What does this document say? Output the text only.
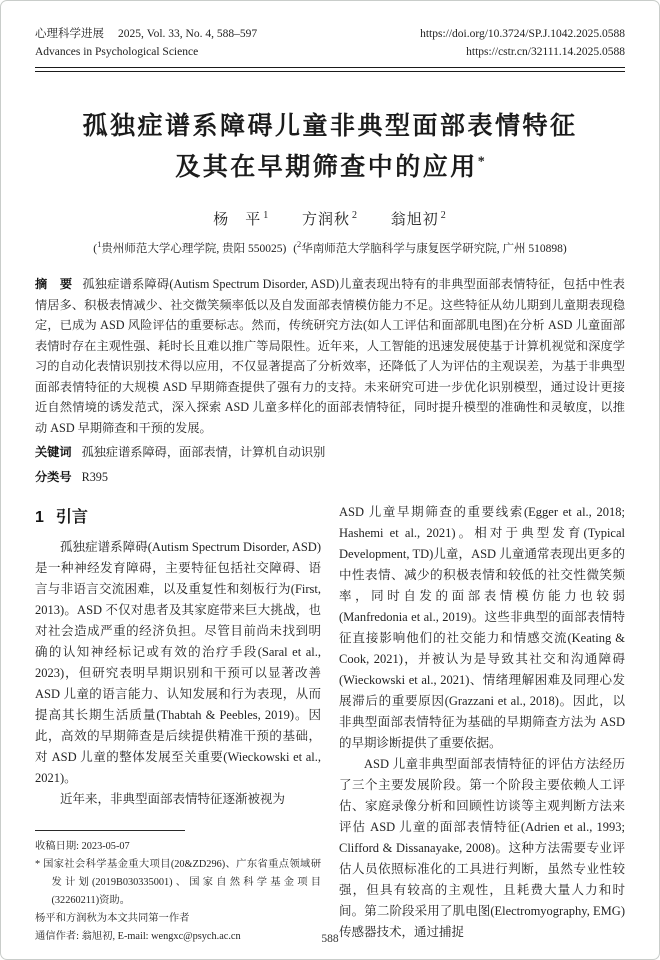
心理科学进展 2025, Vol. 33, No. 4, 588–597
Advances in Psychological Science
https://doi.org/10.3724/SP.J.1042.2025.0588
https://cstr.cn/32111.14.2025.0588
孤独症谱系障碍儿童非典型面部表情特征
及其在早期筛查中的应用*
杨　平 $^1$ 方润秋 $^2$ 翁旭初 $^2$
($^1$贵州师范大学心理学院, 贵阳 550025) ($^2$华南师范大学脑科学与康复医学研究院, 广州 510898)

摘　要 孤独症谱系障碍(Autism Spectrum Disorder, ASD)儿童表现出特有的非典型面部表情特征，包括中性表情居多、积极表情减少、社交微笑频率低以及自发面部表情模仿能力不足。这些特征从幼儿期到儿童期表现稳定，已成为 ASD 风险评估的重要标志。然而，传统研究方法(如人工评估和面部肌电图)在分析 ASD 儿童面部表情时存在主观性强、耗时长且难以推广等局限性。近年来，人工智能的迅速发展使基于计算机视觉和深度学习的自动化表情识别技术得以应用，不仅显著提高了分析效率，还降低了人为评估的主观误差，为基于非典型面部表情特征的大规模 ASD 早期筛查提供了强有力的支持。未来研究可进一步优化识别模型，通过设计更接近自然情境的诱发范式，深入探索 ASD 儿童多样化的面部表情特征，同时提升模型的准确性和灵敏度，以推动 ASD 早期筛查和干预的发展。

关键词 孤独症谱系障碍，面部表情，计算机自动识别

分类号 R395

1 引言

孤独症谱系障碍(Autism Spectrum Disorder, ASD)是一种神经发育障碍，主要特征包括社交障碍、语言与非语言交流困难，以及重复性和刻板行为(First, 2013)。ASD 不仅对患者及其家庭带来巨大挑战，也对社会造成严重的经济负担。尽管目前尚未找到明确的认知神经标记或有效的治疗手段(Saral et al., 2023)，但研究表明早期识别和干预可以显著改善 ASD 儿童的语言能力、认知发展和行为表现，从而提高其长期生活质量(Thabtah & Peebles, 2019)。因此，高效的早期筛查是后续提供精准干预的基础，对 ASD 儿童的整体发展至关重要(Wieckowski et al., 2021)。

近年来，非典型面部表情特征逐渐被视为

收稿日期: 2023-05-07
* 国家社会科学基金重大项目(20&ZD296)、广东省重点领域研发计划(2019B030335001)、国家自然科学基金项目(32260211)资助。
杨平和方润秋为本文共同第一作者
通信作者: 翁旭初, E-mail: wengxc@psych.ac.cn

ASD 儿童早期筛查的重要线索(Egger et al., 2018; Hashemi et al., 2021)。相对于典型发育(Typical Development, TD)儿童，ASD 儿童通常表现出更多的中性表情、减少的积极表情和较低的社交性微笑频率，同时自发的面部表情模仿能力也较弱(Manfredonia et al., 2019)。这些非典型的面部表情特征直接影响他们的社交能力和情感交流(Keating & Cook, 2021)，并被认为是导致其社交和沟通障碍(Wieckowski et al., 2021)、情绪理解困难及同理心发展滞后的重要原因(Grazzani et al., 2018)。因此，以非典型面部表情特征为基础的早期筛查方法为 ASD 的早期诊断提供了重要依据。

ASD 儿童非典型面部表情特征的评估方法经历了三个主要发展阶段。第一个阶段主要依赖人工评估、家庭录像分析和回顾性访谈等主观判断方法来评估 ASD 儿童的面部表情特征(Adrien et al., 1993; Clifford & Dissanayake, 2008)。这种方法需要专业评估人员依照标准化的工具进行判断，虽然专业性较强，但具有较高的主观性，且耗费大量人力和时间。第二阶段采用了肌电图(Electromyography, EMG)传感器技术，通过捕捉

588
